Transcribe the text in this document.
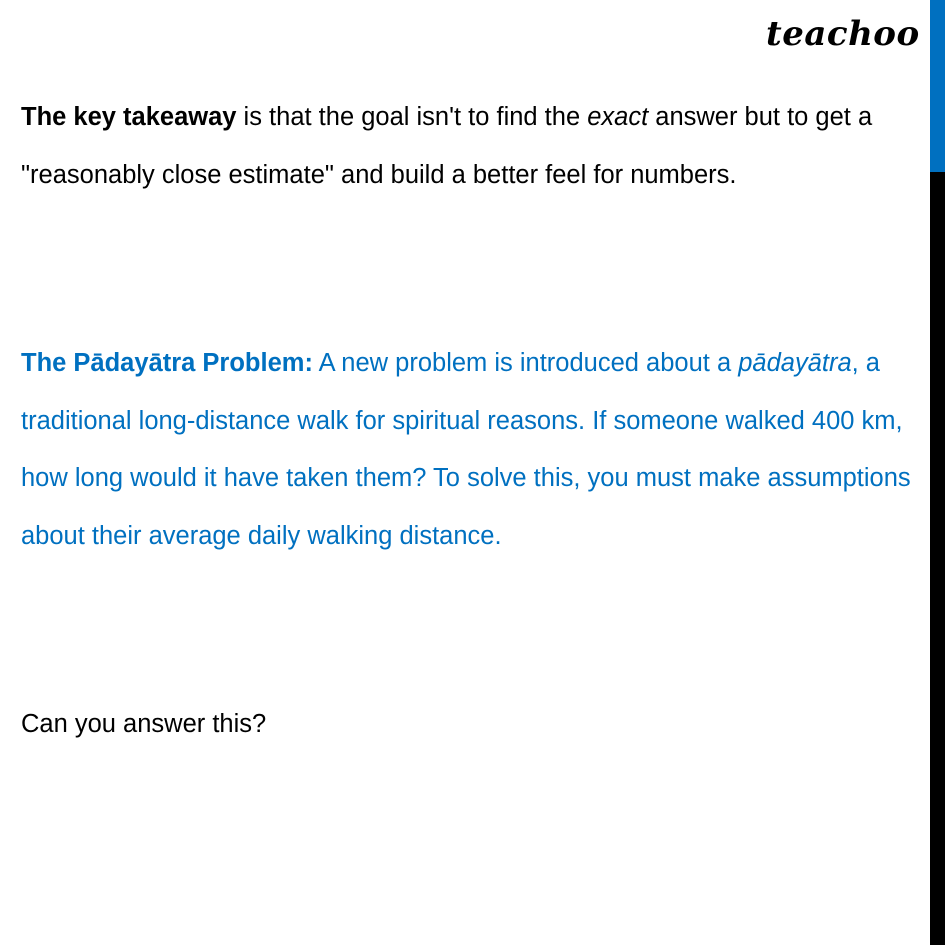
teachoo

The key takeaway is that the goal isn't to find the exact answer but to get a "reasonably close estimate" and build a better feel for numbers.

The Pādayātra Problem: A new problem is introduced about a pādayātra, a traditional long-distance walk for spiritual reasons. If someone walked 400 km, how long would it have taken them? To solve this, you must make assumptions about their average daily walking distance.

Can you answer this?
